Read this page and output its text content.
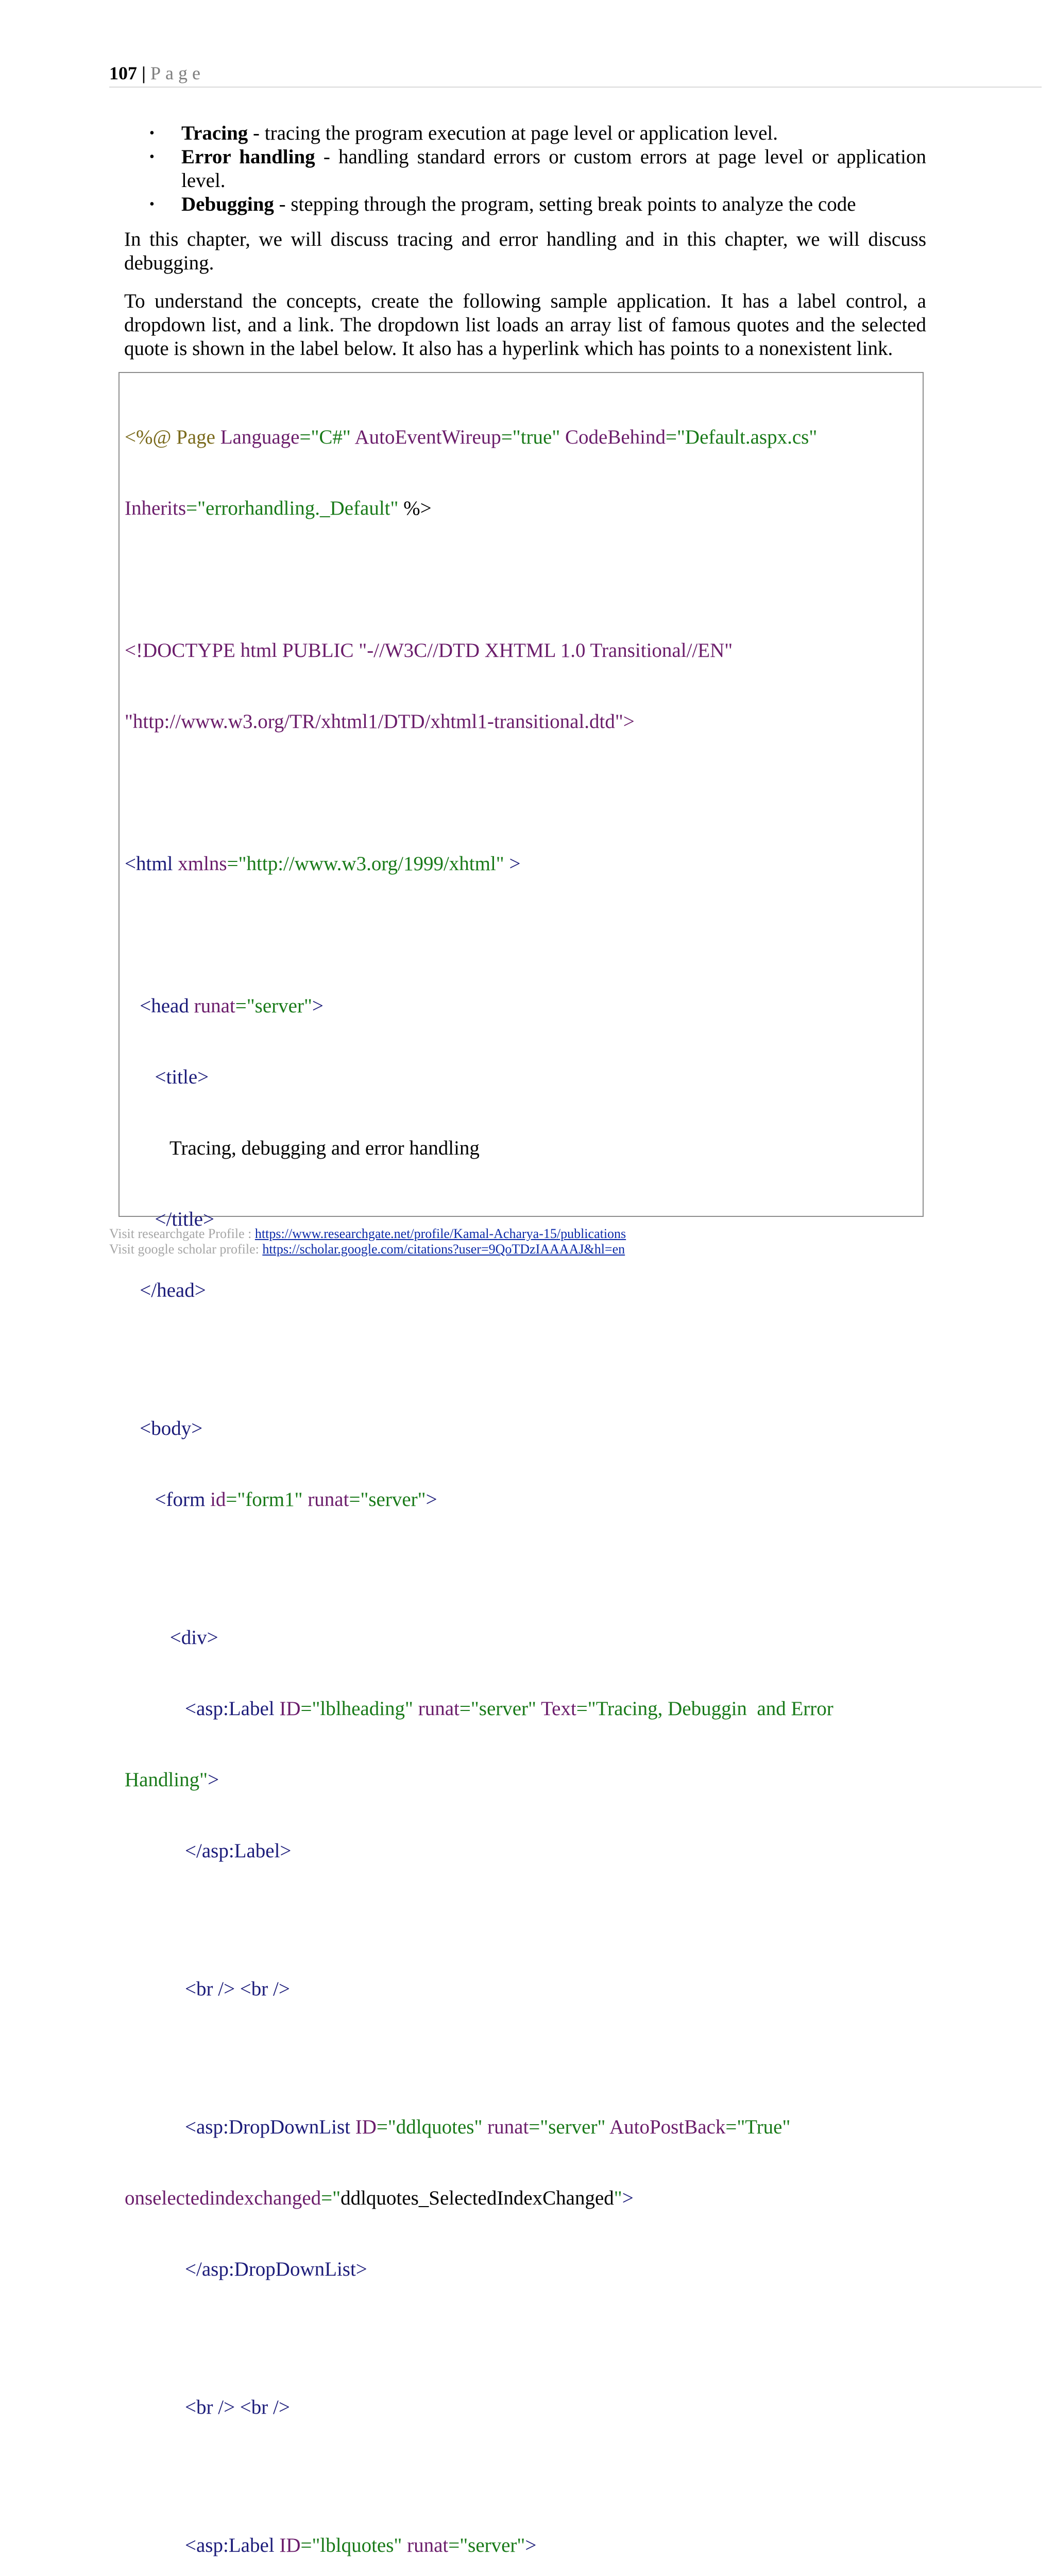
107 | Page
• Tracing - tracing the program execution at page level or application level.
• Error handling - handling standard errors or custom errors at page level or application level.
• Debugging - stepping through the program, setting break points to analyze the code

In this chapter, we will discuss tracing and error handling and in this chapter, we will discuss debugging.

To understand the concepts, create the following sample application. It has a label control, a dropdown list, and a link. The dropdown list loads an array list of famous quotes and the selected quote is shown in the label below. It also has a hyperlink which has points to a nonexistent link.

<%@ Page Language="C#" AutoEventWireup="true" CodeBehind="Default.aspx.cs"

Inherits="errorhandling._Default" %>

<!DOCTYPE html PUBLIC "-//W3C//DTD XHTML 1.0 Transitional//EN"

"http://www.w3.org/TR/xhtml1/DTD/xhtml1-transitional.dtd">

<html xmlns="http://www.w3.org/1999/xhtml" >

<head runat="server">

<title>

Tracing, debugging and error handling

</title>

</head>

<body>

<form id="form1" runat="server">

<div>

<asp:Label ID="lblheading" runat="server" Text="Tracing, Debuggin  and Error

Handling">

</asp:Label>

<br /> <br />

<asp:DropDownList ID="ddlquotes" runat="server" AutoPostBack="True"

onselectedindexchanged="ddlquotes_SelectedIndexChanged">

</asp:DropDownList>

<br /> <br />

<asp:Label ID="lblquotes" runat="server">

Visit researchgate Profile : https://www.researchgate.net/profile/Kamal-Acharya-15/publications
Visit google scholar profile: https://scholar.google.com/citations?user=9QoTDzIAAAAJ&hl=en
